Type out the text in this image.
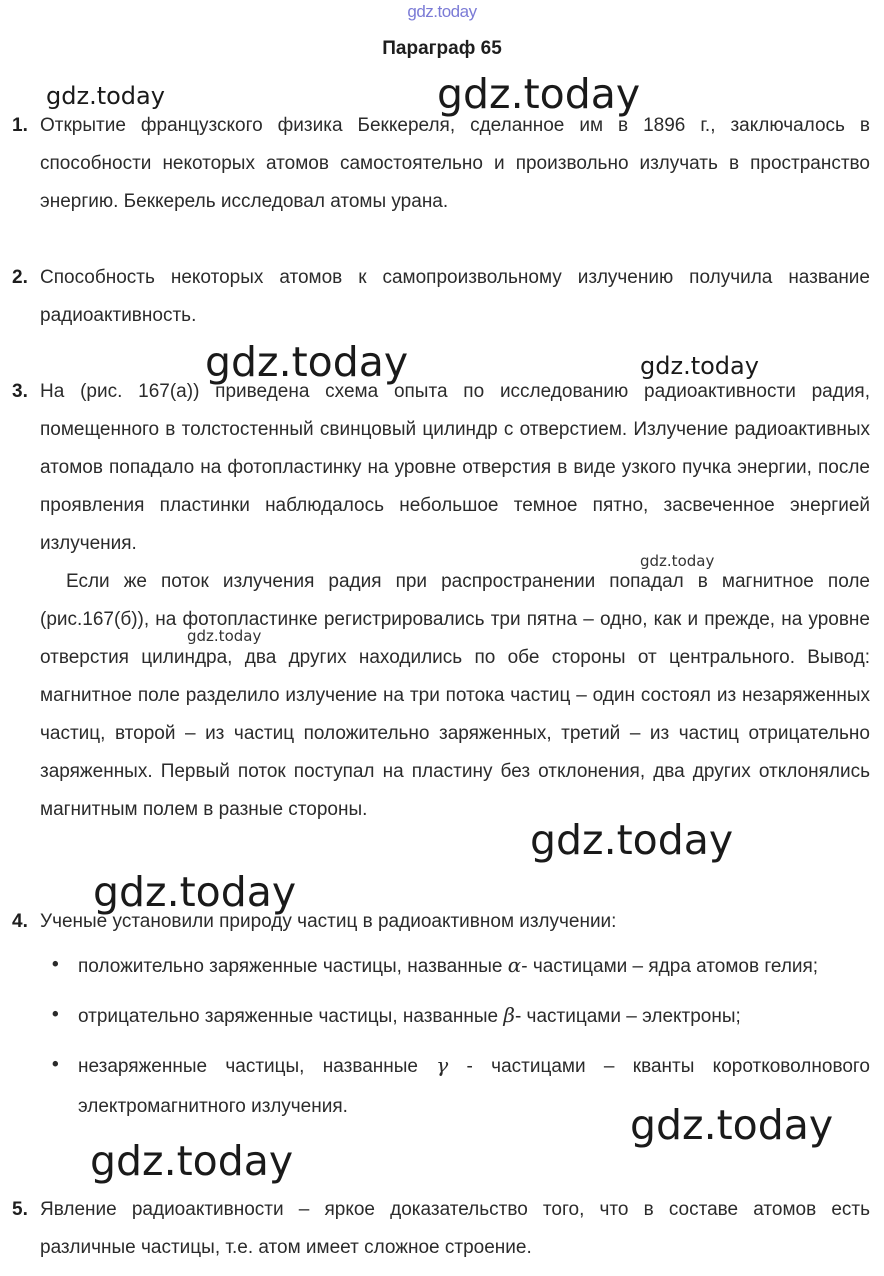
gdz.today
Параграф 65
1. Открытие французского физика Беккереля, сделанное им в 1896 г., заключалось в способности некоторых атомов самостоятельно и произвольно излучать в пространство энергию. Беккерель исследовал атомы урана.

2. Способность некоторых атомов к самопроизвольному излучению получила название радиоактивность.

3. На (рис. 167(а)) приведена схема опыта по исследованию радиоактивности радия, помещенного в толстостенный свинцовый цилиндр с отверстием. Излучение радиоактивных атомов попадало на фотопластинку на уровне отверстия в виде узкого пучка энергии, после проявления пластинки наблюдалось небольшое темное пятно, засвеченное энергией излучения.

Если же поток излучения радия при распространении попадал в магнитное поле (рис.167(б)), на фотопластинке регистрировались три пятна – одно, как и прежде, на уровне отверстия цилиндра, два других находились по обе стороны от центрального. Вывод: магнитное поле разделило излучение на три потока частиц – один состоял из незаряженных частиц, второй – из частиц положительно заряженных, третий – из частиц отрицательно заряженных. Первый поток поступал на пластину без отклонения, два других отклонялись магнитным полем в разные стороны.

4. Ученые установили природу частиц в радиоактивном излучении:

•	положительно заряженные частицы, названные α- частицами – ядра атомов гелия;
•	отрицательно заряженные частицы, названные β- частицами – электроны;
•	незаряженные частицы, названные γ - частицами – кванты коротковолнового электромагнитного излучения.
5. Явление радиоактивности – яркое доказательство того, что в составе атомов есть различные частицы, т.е. атом имеет сложное строение.

gdz.today	gdz.today
gdz.today	gdz.today
gdz.today
gdz.today
gdz.today
gdz.today
gdz.today
gdz.today
